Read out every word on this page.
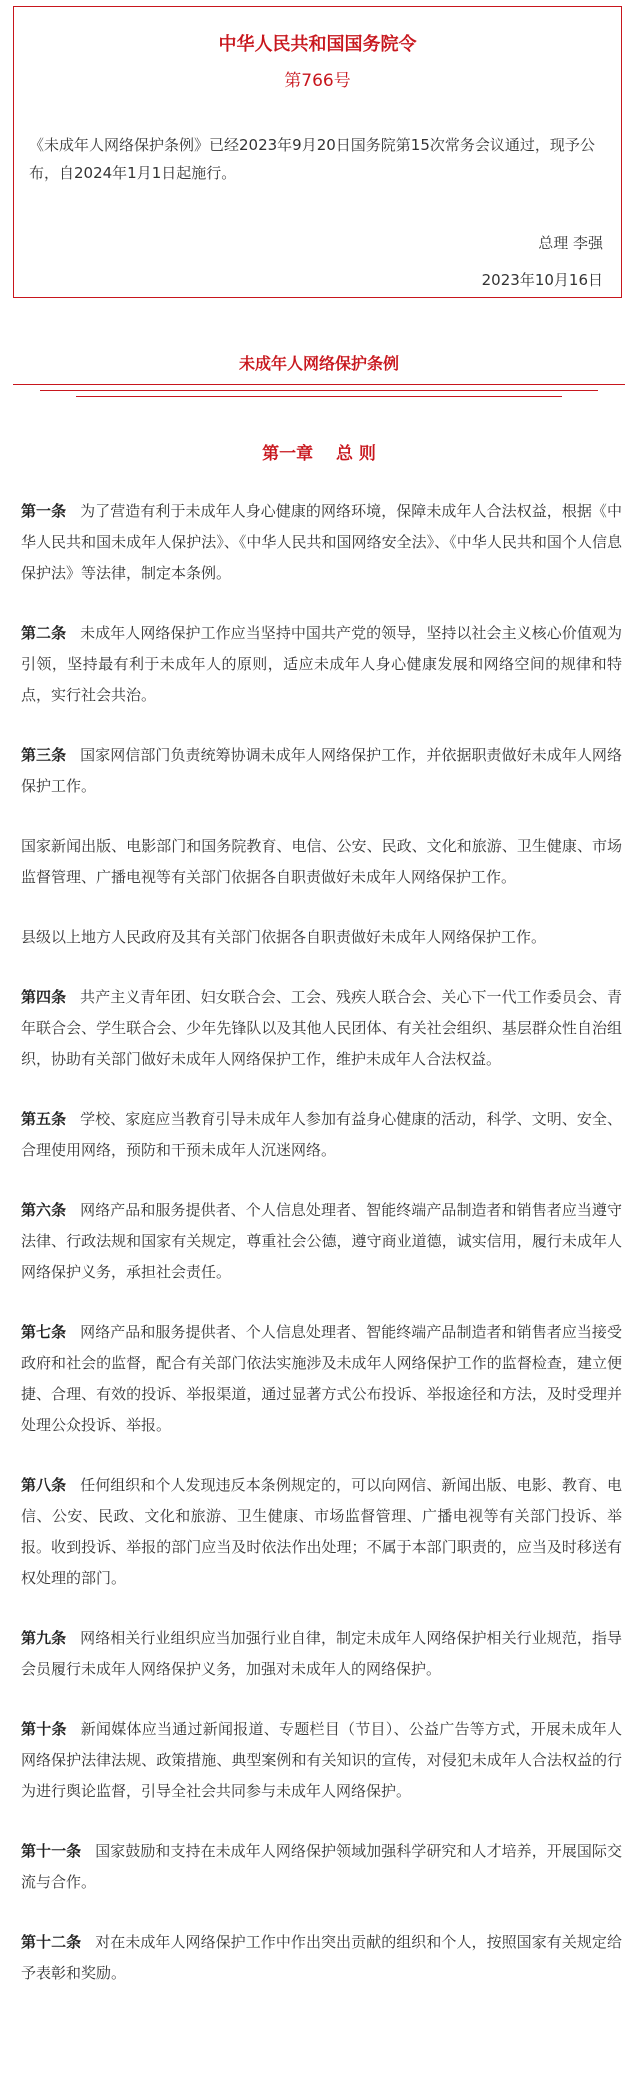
中华人民共和国国务院令
第766号
《未成年人网络保护条例》已经2023年9月20日国务院第15次常务会议通过，现予公布，自2024年1月1日起施行。
总理 李强
2023年10月16日
未成年人网络保护条例
第一章　 总 则

第一条 为了营造有利于未成年人身心健康的网络环境，保障未成年人合法权益，根据《中华人民共和国未成年人保护法》、《中华人民共和国网络安全法》、《中华人民共和国个人信息保护法》等法律，制定本条例。

第二条 未成年人网络保护工作应当坚持中国共产党的领导，坚持以社会主义核心价值观为引领，坚持最有利于未成年人的原则，适应未成年人身心健康发展和网络空间的规律和特点，实行社会共治。

第三条 国家网信部门负责统筹协调未成年人网络保护工作，并依据职责做好未成年人网络保护工作。

国家新闻出版、电影部门和国务院教育、电信、公安、民政、文化和旅游、卫生健康、市场监督管理、广播电视等有关部门依据各自职责做好未成年人网络保护工作。

县级以上地方人民政府及其有关部门依据各自职责做好未成年人网络保护工作。

第四条 共产主义青年团、妇女联合会、工会、残疾人联合会、关心下一代工作委员会、青年联合会、学生联合会、少年先锋队以及其他人民团体、有关社会组织、基层群众性自治组织，协助有关部门做好未成年人网络保护工作，维护未成年人合法权益。

第五条 学校、家庭应当教育引导未成年人参加有益身心健康的活动，科学、文明、安全、合理使用网络，预防和干预未成年人沉迷网络。

第六条 网络产品和服务提供者、个人信息处理者、智能终端产品制造者和销售者应当遵守法律、行政法规和国家有关规定，尊重社会公德，遵守商业道德，诚实信用，履行未成年人网络保护义务，承担社会责任。

第七条 网络产品和服务提供者、个人信息处理者、智能终端产品制造者和销售者应当接受政府和社会的监督，配合有关部门依法实施涉及未成年人网络保护工作的监督检查，建立便捷、合理、有效的投诉、举报渠道，通过显著方式公布投诉、举报途径和方法，及时受理并处理公众投诉、举报。

第八条 任何组织和个人发现违反本条例规定的，可以向网信、新闻出版、电影、教育、电信、公安、民政、文化和旅游、卫生健康、市场监督管理、广播电视等有关部门投诉、举报。收到投诉、举报的部门应当及时依法作出处理；不属于本部门职责的，应当及时移送有权处理的部门。

第九条 网络相关行业组织应当加强行业自律，制定未成年人网络保护相关行业规范，指导会员履行未成年人网络保护义务，加强对未成年人的网络保护。

第十条 新闻媒体应当通过新闻报道、专题栏目（节目）、公益广告等方式，开展未成年人网络保护法律法规、政策措施、典型案例和有关知识的宣传，对侵犯未成年人合法权益的行为进行舆论监督，引导全社会共同参与未成年人网络保护。

第十一条 国家鼓励和支持在未成年人网络保护领域加强科学研究和人才培养，开展国际交流与合作。

第十二条 对在未成年人网络保护工作中作出突出贡献的组织和个人，按照国家有关规定给予表彰和奖励。
